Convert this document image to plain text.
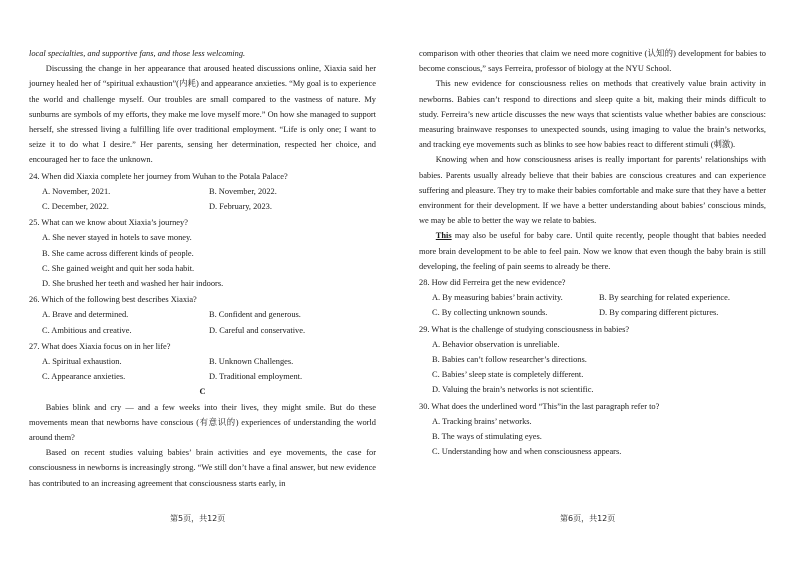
local specialties, and supportive fans, and those less welcoming.

Discussing the change in her appearance that aroused heated discussions online, Xiaxia said her journey healed her of “spiritual exhaustion”(内耗) and appearance anxieties. “My goal is to experience the world and challenge myself. Our troubles are small compared to the vastness of nature. My sunburns are symbols of my efforts, they make me love myself more.” On how she managed to support herself, she stressed living a fulfilling life over traditional employment. “Life is only one; I want to seize it to do what I desire.” Her parents, sensing her determination, respected her choice, and encouraged her to face the unknown.

24. When did Xiaxia complete her journey from Wuhan to the Potala Palace?

A. November, 2021.	B. November, 2022.
C. December, 2022.	D. February, 2023.

25. What can we know about Xiaxia’s journey?

A. She never stayed in hotels to save money.
B. She came across different kinds of people.
C. She gained weight and quit her soda habit.
D. She brushed her teeth and washed her hair indoors.

26. Which of the following best describes Xiaxia?

A. Brave and determined.	B. Confident and generous.
C. Ambitious and creative.	D. Careful and conservative.

27. What does Xiaxia focus on in her life?

A. Spiritual exhaustion.	B. Unknown Challenges.
C. Appearance anxieties.	D. Traditional employment.

C

Babies blink and cry — and a few weeks into their lives, they might smile. But do these movements mean that newborns have conscious (有意识的) experiences of understanding the world around them?

Based on recent studies valuing babies’ brain activities and eye movements, the case for consciousness in newborns is increasingly strong. “We still don’t have a final answer, but new evidence has contributed to an increasing agreement that consciousness starts early, in

comparison with other theories that claim we need more cognitive (认知的) development for babies to become conscious,” says Ferreira, professor of biology at the NYU School.

This new evidence for consciousness relies on methods that creatively value brain activity in newborns. Babies can’t respond to directions and sleep quite a bit, making their minds difficult to study. Ferreira’s new article discusses the new ways that scientists value whether babies are conscious: measuring brainwave responses to unexpected sounds, using imaging to value the brain’s networks, and tracking eye movements such as blinks to see how babies react to different stimuli (刺激).

Knowing when and how consciousness arises is really important for parents’ relationships with babies. Parents usually already believe that their babies are conscious creatures and can experience suffering and pleasure. They try to make their babies comfortable and make sure that they have a better environment for their development. If we have a better understanding about babies’ conscious minds, we may be able to better the way we relate to babies.

This may also be useful for baby care. Until quite recently, people thought that babies needed more brain development to be able to feel pain. Now we know that even though the baby brain is still developing, the feeling of pain seems to already be there.

28. How did Ferreira get the new evidence?

A. By measuring babies’ brain activity.	B. By searching for related experience.
C. By collecting unknown sounds.	D. By comparing different pictures.

29. What is the challenge of studying consciousness in babies?

A. Behavior observation is unreliable.
B. Babies can’t follow researcher’s directions.
C. Babies’ sleep state is completely different.
D. Valuing the brain’s networks is not scientific.

30. What does the underlined word “This”in the last paragraph refer to?

A. Tracking brains’ networks.
B. The ways of stimulating eyes.
C. Understanding how and when consciousness appears.
第5页，共12页	第6页，共12页
